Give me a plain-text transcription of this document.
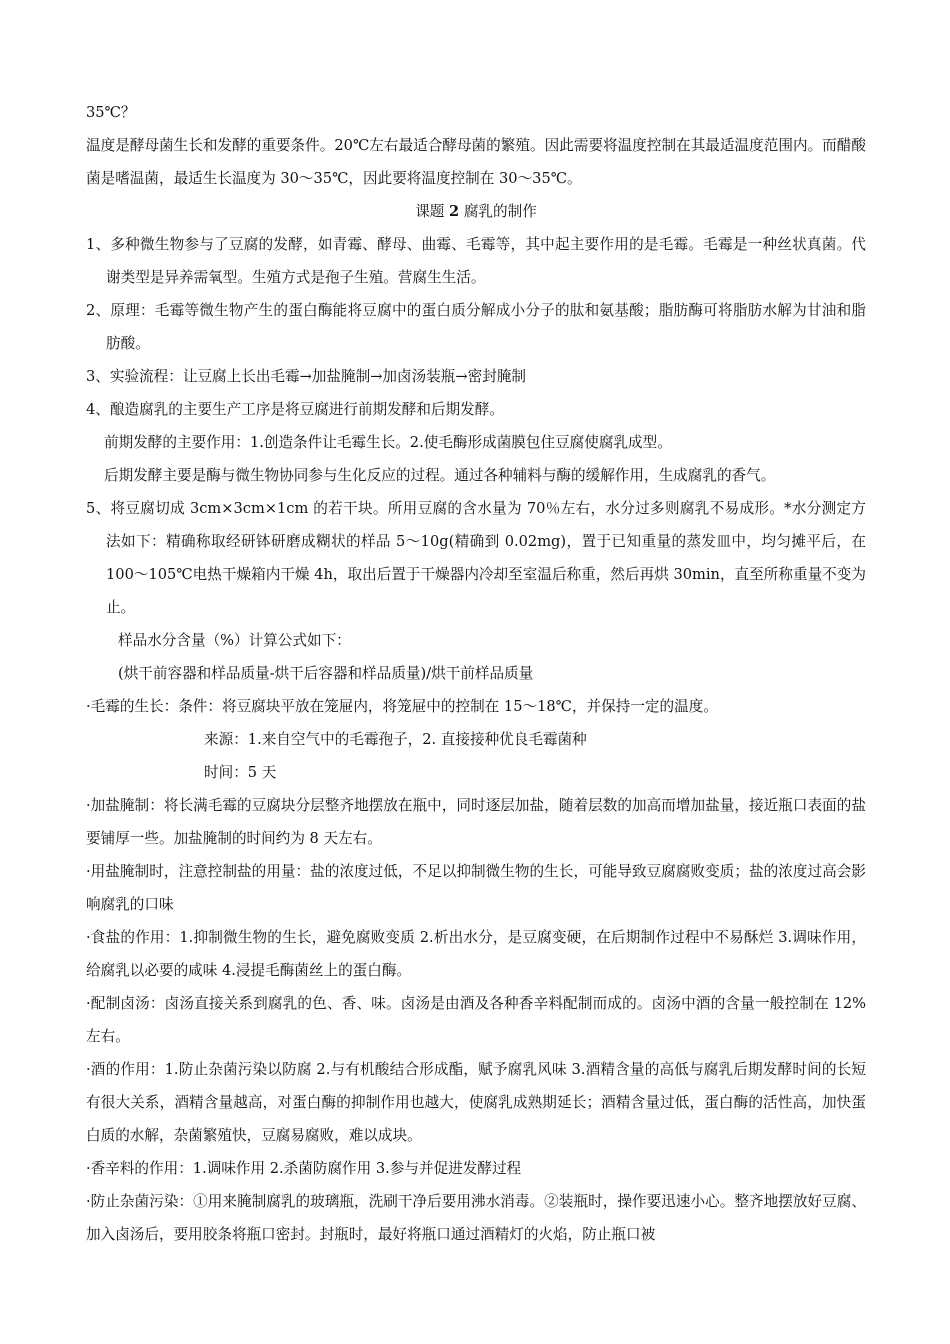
35℃？

温度是酵母菌生长和发酵的重要条件。20℃左右最适合酵母菌的繁殖。因此需要将温度控制在其最适温度范围内。而醋酸菌是嗜温菌，最适生长温度为 30～35℃，因此要将温度控制在 30～35℃。

课题 2 腐乳的制作

1、多种微生物参与了豆腐的发酵，如青霉、酵母、曲霉、毛霉等，其中起主要作用的是毛霉。毛霉是一种丝状真菌。代谢类型是异养需氧型。生殖方式是孢子生殖。营腐生生活。

2、原理：毛霉等微生物产生的蛋白酶能将豆腐中的蛋白质分解成小分子的肽和氨基酸；脂肪酶可将脂肪水解为甘油和脂肪酸。

3、实验流程：让豆腐上长出毛霉→加盐腌制→加卤汤装瓶→密封腌制

4、酿造腐乳的主要生产工序是将豆腐进行前期发酵和后期发酵。

前期发酵的主要作用：1.创造条件让毛霉生长。2.使毛酶形成菌膜包住豆腐使腐乳成型。

后期发酵主要是酶与微生物协同参与生化反应的过程。通过各种辅料与酶的缓解作用，生成腐乳的香气。

5、将豆腐切成 3cm×3cm×1cm 的若干块。所用豆腐的含水量为 70％左右，水分过多则腐乳不易成形。*水分测定方法如下：精确称取经研钵研磨成糊状的样品 5～10g(精确到 0.02mg)，置于已知重量的蒸发皿中，均匀摊平后，在 100～105℃电热干燥箱内干燥 4h，取出后置于干燥器内冷却至室温后称重，然后再烘 30min，直至所称重量不变为止。

样品水分含量（%）计算公式如下：

(烘干前容器和样品质量-烘干后容器和样品质量)/烘干前样品质量

·毛霉的生长：条件：将豆腐块平放在笼屉内，将笼屉中的控制在 15～18℃，并保持一定的温度。

来源：1.来自空气中的毛霉孢子，2. 直接接种优良毛霉菌种

时间：5 天

·加盐腌制：将长满毛霉的豆腐块分层整齐地摆放在瓶中，同时逐层加盐，随着层数的加高而增加盐量，接近瓶口表面的盐要铺厚一些。加盐腌制的时间约为 8 天左右。

·用盐腌制时，注意控制盐的用量：盐的浓度过低，不足以抑制微生物的生长，可能导致豆腐腐败变质；盐的浓度过高会影响腐乳的口味

·食盐的作用：1.抑制微生物的生长，避免腐败变质 2.析出水分，是豆腐变硬，在后期制作过程中不易酥烂 3.调味作用，给腐乳以必要的咸味 4.浸提毛酶菌丝上的蛋白酶。

·配制卤汤：卤汤直接关系到腐乳的色、香、味。卤汤是由酒及各种香辛料配制而成的。卤汤中酒的含量一般控制在 12%左右。

·酒的作用：1.防止杂菌污染以防腐 2.与有机酸结合形成酯，赋予腐乳风味 3.酒精含量的高低与腐乳后期发酵时间的长短有很大关系，酒精含量越高，对蛋白酶的抑制作用也越大，使腐乳成熟期延长；酒精含量过低，蛋白酶的活性高，加快蛋白质的水解，杂菌繁殖快，豆腐易腐败，难以成块。

·香辛料的作用：1.调味作用 2.杀菌防腐作用 3.参与并促进发酵过程

·防止杂菌污染：①用来腌制腐乳的玻璃瓶，洗刷干净后要用沸水消毒。②装瓶时，操作要迅速小心。整齐地摆放好豆腐、加入卤汤后，要用胶条将瓶口密封。封瓶时，最好将瓶口通过酒精灯的火焰，防止瓶口被
